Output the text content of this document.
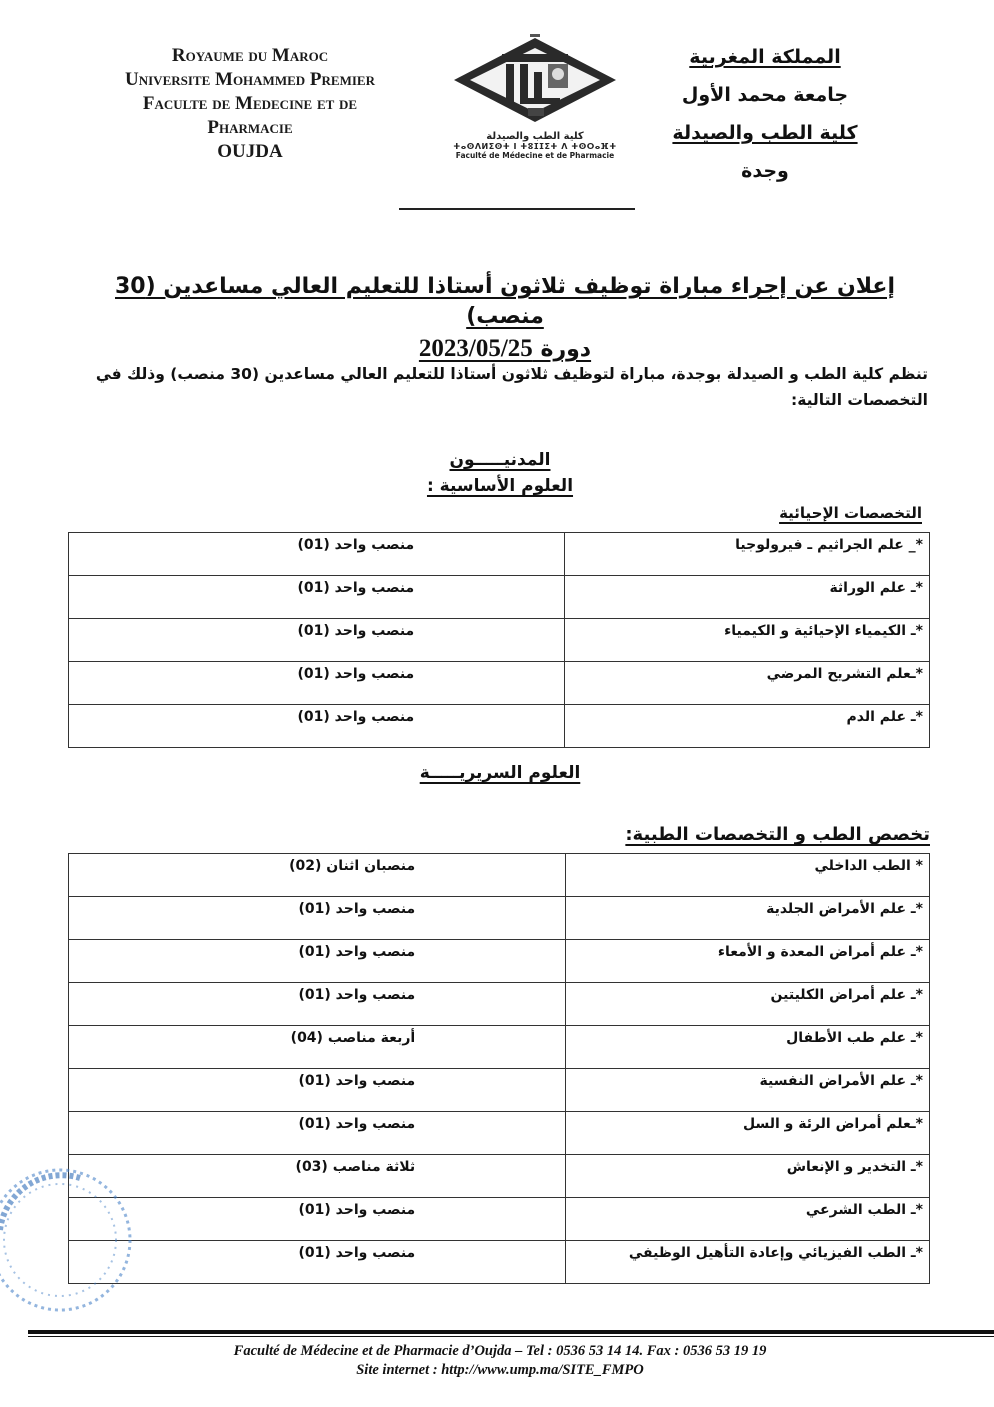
Royaume du Maroc
Universite Mohammed Premier
Faculte de Medecine et de
Pharmacie
OUJDA
كلية الطب والصيدلة
ⵜⴰⵙⴷⵍⵉⵙⵜ ⵏ ⵜⵓⵊⵊⵉⵜ ⴷ ⵜⵙⵔⴰⴼⵜ
Faculté de Médecine et de Pharmacie
المملكة المغربية
جامعة محمد الأول
كلية الطب والصيدلة
وجدة
إعلان عن إجراء مباراة توظيف ثلاثون أستاذا للتعليم العالي مساعدين (30 منصب)
دورة 2023/05/25
تنظم كلية الطب و الصيدلة بوجدة، مباراة لتوظيف ثلاثون أستاذا للتعليم العالي مساعدين (30 منصب) وذلك في التخصصات التالية:
المدنيـــــون
العلوم الأساسية :
التخصصات الإحيائية
*_ علم الجراثيم ـ فيرولوجيا	منصب واحد (01)
*ـ علم الوراثة	منصب واحد (01)
*ـ الكيمياء الإحيائية و الكيمياء	منصب واحد (01)
*ـعلم التشريح المرضي	منصب واحد (01)
*ـ علم الدم	منصب واحد (01)
العلوم السريريـــــة
تخصص الطب و التخصصات الطبية:
* الطب الداخلي	منصبان اثنان (02)
*ـ علم الأمراض الجلدية	منصب واحد (01)
*ـ علم أمراض المعدة و الأمعاء	منصب واحد (01)
*ـ علم أمراض الكليتين	منصب واحد (01)
*ـ علم طب الأطفال	أربعة مناصب (04)
*ـ علم الأمراض النفسية	منصب واحد (01)
*ـعلم أمراض الرئة و السل	منصب واحد (01)
*ـ التخدير و الإنعاش	ثلاثة مناصب (03)
*ـ الطب الشرعي	منصب واحد (01)
*ـ الطب الفيزيائي وإعادة التأهيل الوظيفي	منصب واحد (01)
Faculté de Médecine et de Pharmacie d’Oujda – Tel : 0536 53 14 14. Fax : 0536 53 19 19
Site internet : http://www.ump.ma/SITE_FMPO
